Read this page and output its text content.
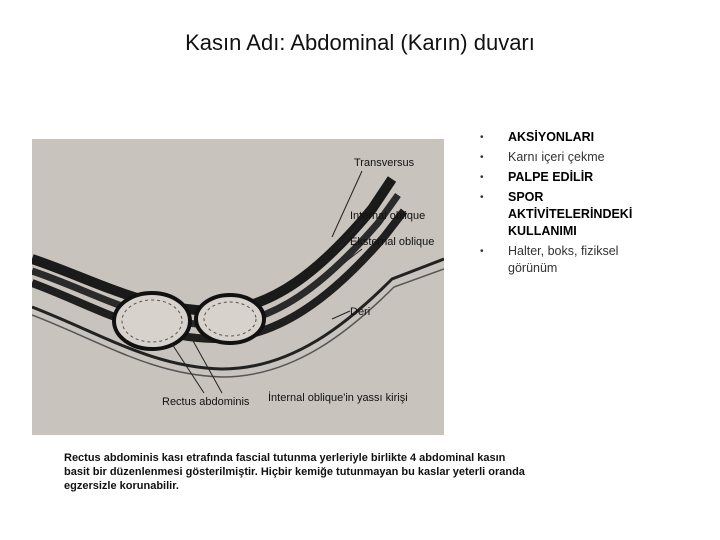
Kasın Adı: Abdominal (Karın) duvarı
Transversus
Internal oblique
Eksternal oblique
Deri
Rectus abdominis İnternal oblique'in yassı kirişi
• AKSİYONLARI
• Karnı içeri çekme
• PALPE EDİLİR
• SPOR AKTİVİTELERİNDEKİ KULLANIMI
• Halter, boks, fiziksel görünüm
Rectus abdominis kası etrafında fascial tutunma yerleriyle birlikte 4 abdominal kasın basit bir düzenlenmesi gösterilmiştir. Hiçbir kemiğe tutunmayan bu kaslar yeterli oranda egzersizle korunabilir.
